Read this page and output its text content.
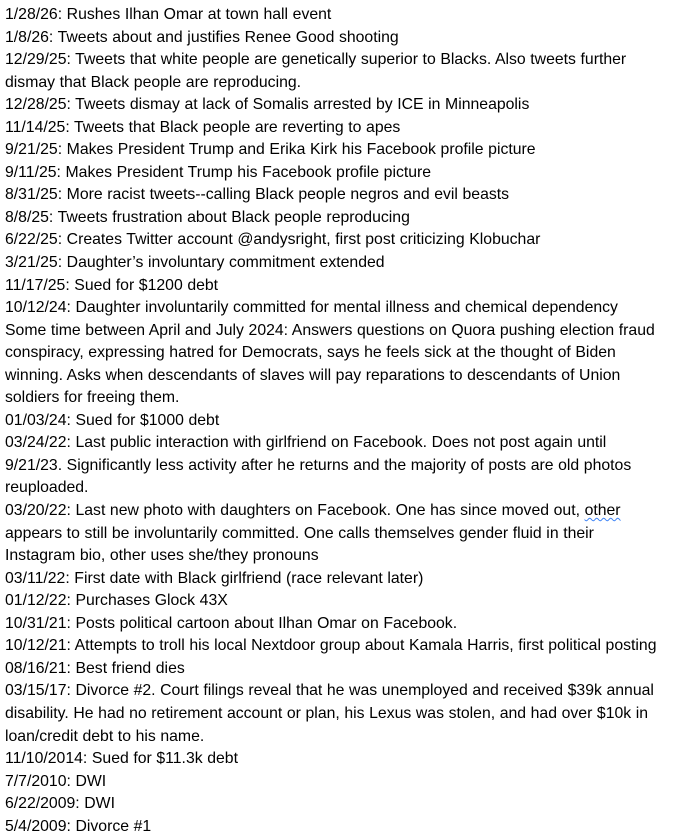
1/28/26: Rushes Ilhan Omar at town hall event

1/8/26: Tweets about and justifies Renee Good shooting

12/29/25: Tweets that white people are genetically superior to Blacks. Also tweets further dismay that Black people are reproducing.

12/28/25: Tweets dismay at lack of Somalis arrested by ICE in Minneapolis

11/14/25: Tweets that Black people are reverting to apes

9/21/25: Makes President Trump and Erika Kirk his Facebook profile picture

9/11/25: Makes President Trump his Facebook profile picture

8/31/25: More racist tweets--calling Black people negros and evil beasts

8/8/25: Tweets frustration about Black people reproducing

6/22/25: Creates Twitter account @andysright, first post criticizing Klobuchar

3/21/25: Daughter’s involuntary commitment extended

11/17/25: Sued for $1200 debt

10/12/24: Daughter involuntarily committed for mental illness and chemical dependency

Some time between April and July 2024: Answers questions on Quora pushing election fraud conspiracy, expressing hatred for Democrats, says he feels sick at the thought of Biden winning. Asks when descendants of slaves will pay reparations to descendants of Union soldiers for freeing them.

01/03/24: Sued for $1000 debt

03/24/22: Last public interaction with girlfriend on Facebook. Does not post again until 9/21/23. Significantly less activity after he returns and the majority of posts are old photos reuploaded.

03/20/22: Last new photo with daughters on Facebook. One has since moved out, other appears to still be involuntarily committed. One calls themselves gender fluid in their Instagram bio, other uses she/they pronouns

03/11/22: First date with Black girlfriend (race relevant later)

01/12/22: Purchases Glock 43X

10/31/21: Posts political cartoon about Ilhan Omar on Facebook.

10/12/21: Attempts to troll his local Nextdoor group about Kamala Harris, first political posting

08/16/21: Best friend dies

03/15/17: Divorce #2. Court filings reveal that he was unemployed and received $39k annual disability. He had no retirement account or plan, his Lexus was stolen, and had over $10k in loan/credit debt to his name.

11/10/2014: Sued for $11.3k debt

7/7/2010: DWI

6/22/2009: DWI

5/4/2009: Divorce #1
